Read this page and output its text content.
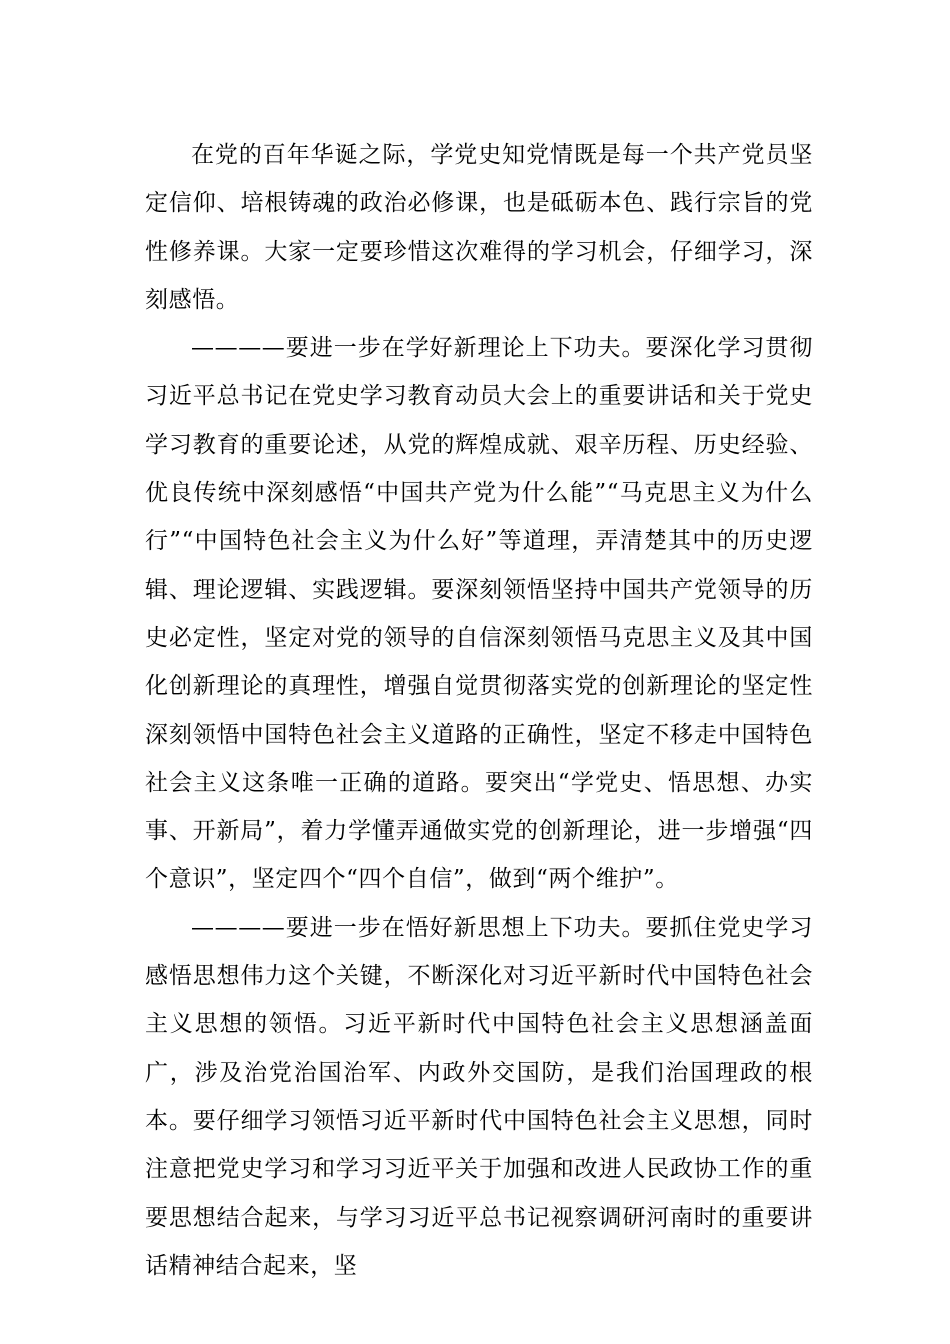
在党的百年华诞之际，学党史知党情既是每一个共产党员坚定信仰、培根铸魂的政治必修课，也是砥砺本色、践行宗旨的党性修养课。大家一定要珍惜这次难得的学习机会，仔细学习，深刻感悟。

————要进一步在学好新理论上下功夫。要深化学习贯彻习近平总书记在党史学习教育动员大会上的重要讲话和关于党史学习教育的重要论述，从党的辉煌成就、艰辛历程、历史经验、优良传统中深刻感悟“中国共产党为什么能”“马克思主义为什么行”“中国特色社会主义为什么好”等道理，弄清楚其中的历史逻辑、理论逻辑、实践逻辑。要深刻领悟坚持中国共产党领导的历史必定性，坚定对党的领导的自信深刻领悟马克思主义及其中国化创新理论的真理性，增强自觉贯彻落实党的创新理论的坚定性深刻领悟中国特色社会主义道路的正确性，坚定不移走中国特色社会主义这条唯一正确的道路。要突出“学党史、悟思想、办实事、开新局”，着力学懂弄通做实党的创新理论，进一步增强“四个意识”，坚定四个“四个自信”，做到“两个维护”。

————要进一步在悟好新思想上下功夫。要抓住党史学习感悟思想伟力这个关键，不断深化对习近平新时代中国特色社会主义思想的领悟。习近平新时代中国特色社会主义思想涵盖面广，涉及治党治国治军、内政外交国防，是我们治国理政的根本。要仔细学习领悟习近平新时代中国特色社会主义思想，同时注意把党史学习和学习习近平关于加强和改进人民政协工作的重要思想结合起来，与学习习近平总书记视察调研河南时的重要讲话精神结合起来，坚
